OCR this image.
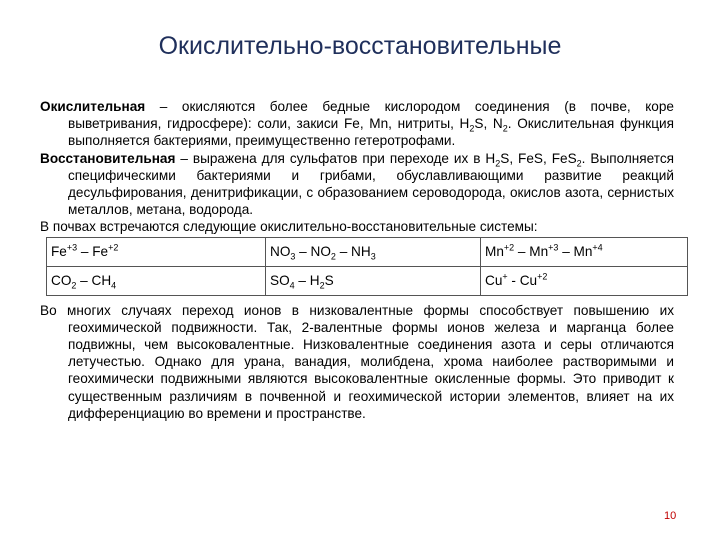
Окислительно-восстановительные

Окислительная – окисляются более бедные кислородом соединения (в почве, коре выветривания, гидросфере): соли, закиси Fe, Mn, нитриты, $H_2S$, $N_2$. Окислительная функция выполняется бактериями, преимущественно гетеротрофами.

Восстановительная – выражена для сульфатов при переходе их в $H_2S$, FeS, FeS$_2$. Выполняется специфическими бактериями и грибами, обуславливающими развитие реакций десульфирования, денитрификации, с образованием сероводорода, окислов азота, сернистых металлов, метана, водорода.

В почвах встречаются следующие окислительно-восстановительные системы:

$Fe^{+3} - Fe^{+2}$	$NO_3 - NO_2 - NH_3$	$Mn^{+2} - Mn^{+3} - Mn^{+4}$
$CO_2 - CH_4$	$SO_4 - H_2S$	$Cu^+ - Cu^{+2}$

Во многих случаях переход ионов в низковалентные формы способствует повышению их геохимической подвижности. Так, 2-валентные формы ионов железа и марганца более подвижны, чем высоковалентные. Низковалентные соединения азота и серы отличаются летучестью. Однако для урана, ванадия, молибдена, хрома наиболее растворимыми и геохимически подвижными являются высоковалентные окисленные формы. Это приводит к существенным различиям в почвенной и геохимической истории элементов, влияет на их дифференциацию во времени и пространстве.

10
